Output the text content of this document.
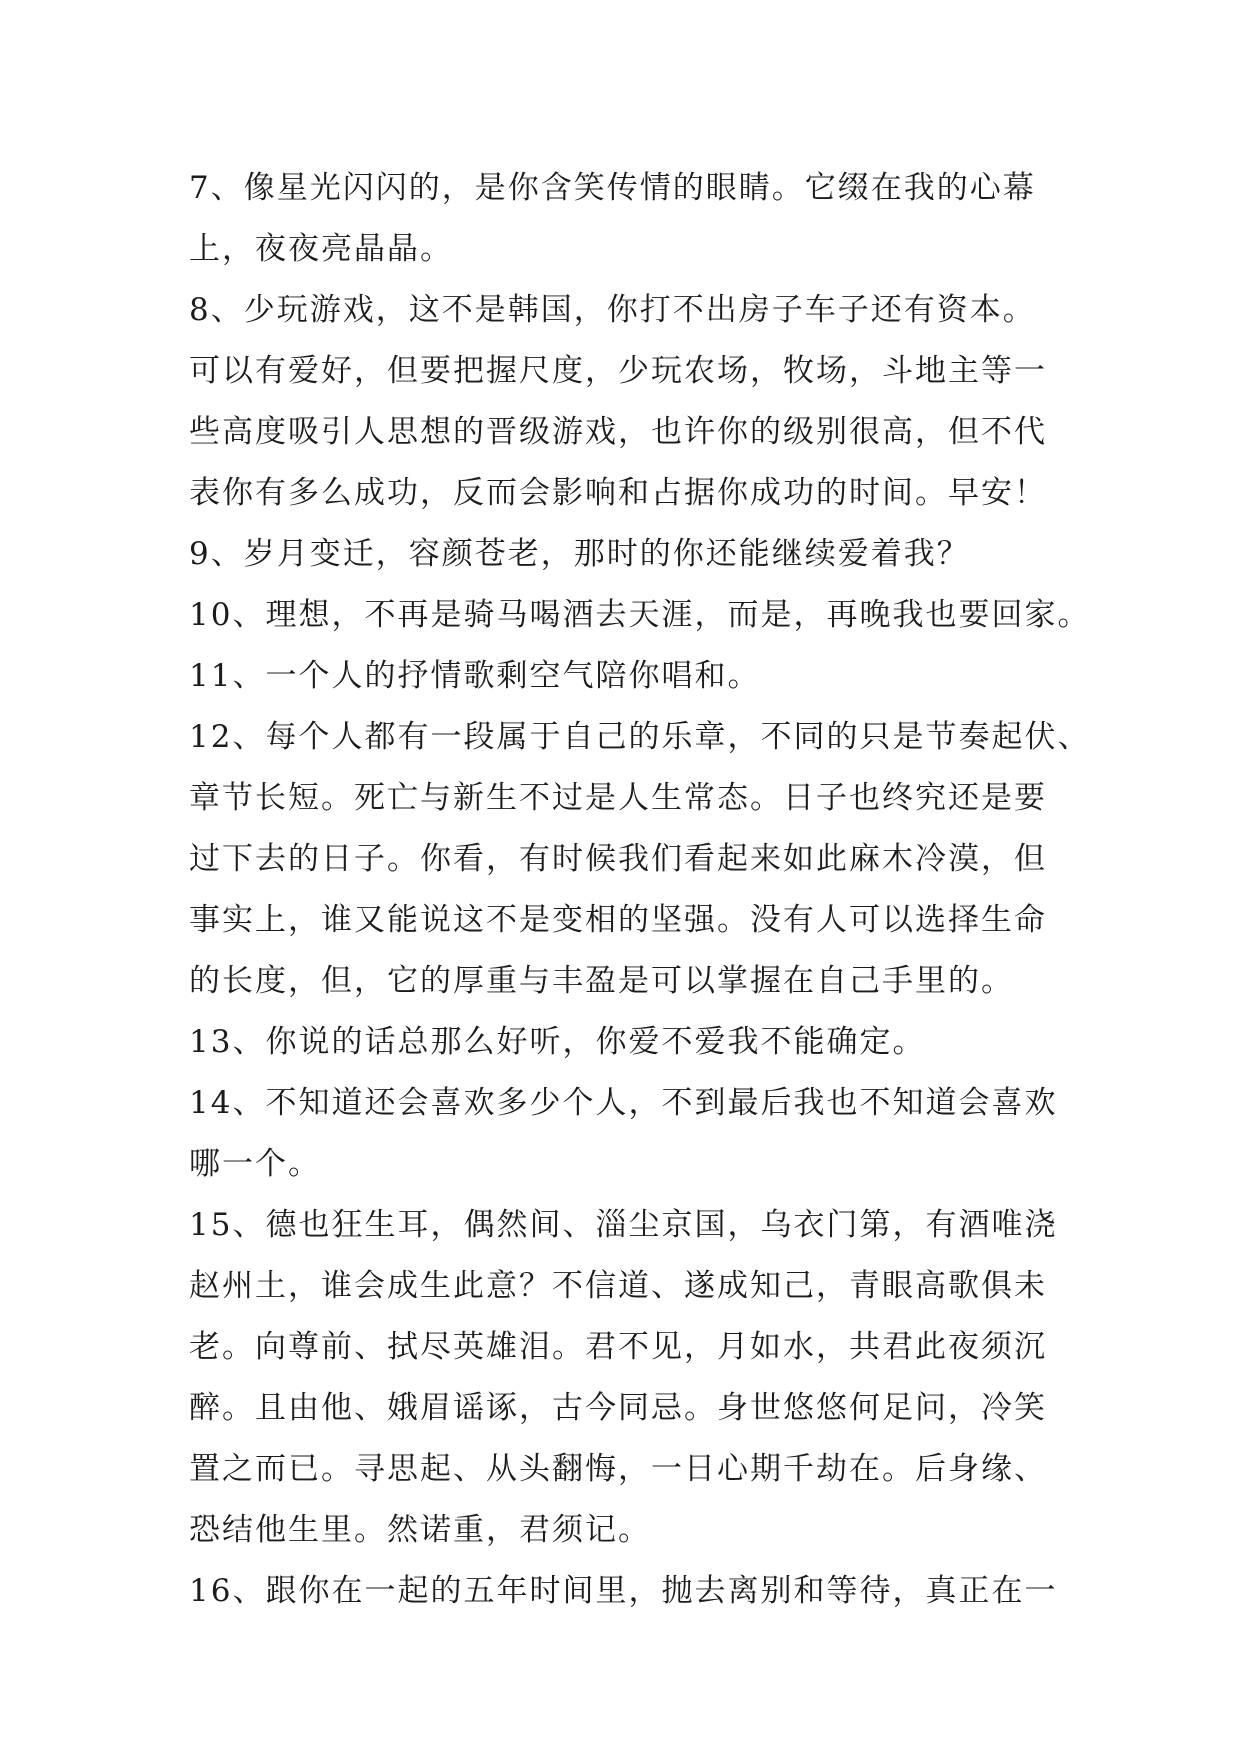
7、像星光闪闪的，是你含笑传情的眼睛。它缀在我的心幕
上，夜夜亮晶晶。
8、少玩游戏，这不是韩国，你打不出房子车子还有资本。
可以有爱好，但要把握尺度，少玩农场，牧场，斗地主等一
些高度吸引人思想的晋级游戏，也许你的级别很高，但不代
表你有多么成功，反而会影响和占据你成功的时间。早安！
9、岁月变迁，容颜苍老，那时的你还能继续爱着我？
10、理想，不再是骑马喝酒去天涯，而是，再晚我也要回家。
11、一个人的抒情歌剩空气陪你唱和。
12、每个人都有一段属于自己的乐章，不同的只是节奏起伏、
章节长短。死亡与新生不过是人生常态。日子也终究还是要
过下去的日子。你看，有时候我们看起来如此麻木冷漠，但
事实上，谁又能说这不是变相的坚强。没有人可以选择生命
的长度，但，它的厚重与丰盈是可以掌握在自己手里的。
13、你说的话总那么好听，你爱不爱我不能确定。
14、不知道还会喜欢多少个人，不到最后我也不知道会喜欢
哪一个。
15、德也狂生耳，偶然间、淄尘京国，乌衣门第，有酒唯浇
赵州土，谁会成生此意？不信道、遂成知己，青眼高歌俱未
老。向尊前、拭尽英雄泪。君不见，月如水，共君此夜须沉
醉。且由他、娥眉谣诼，古今同忌。身世悠悠何足问，冷笑
置之而已。寻思起、从头翻悔，一日心期千劫在。后身缘、
恐结他生里。然诺重，君须记。
16、跟你在一起的五年时间里，抛去离别和等待，真正在一
